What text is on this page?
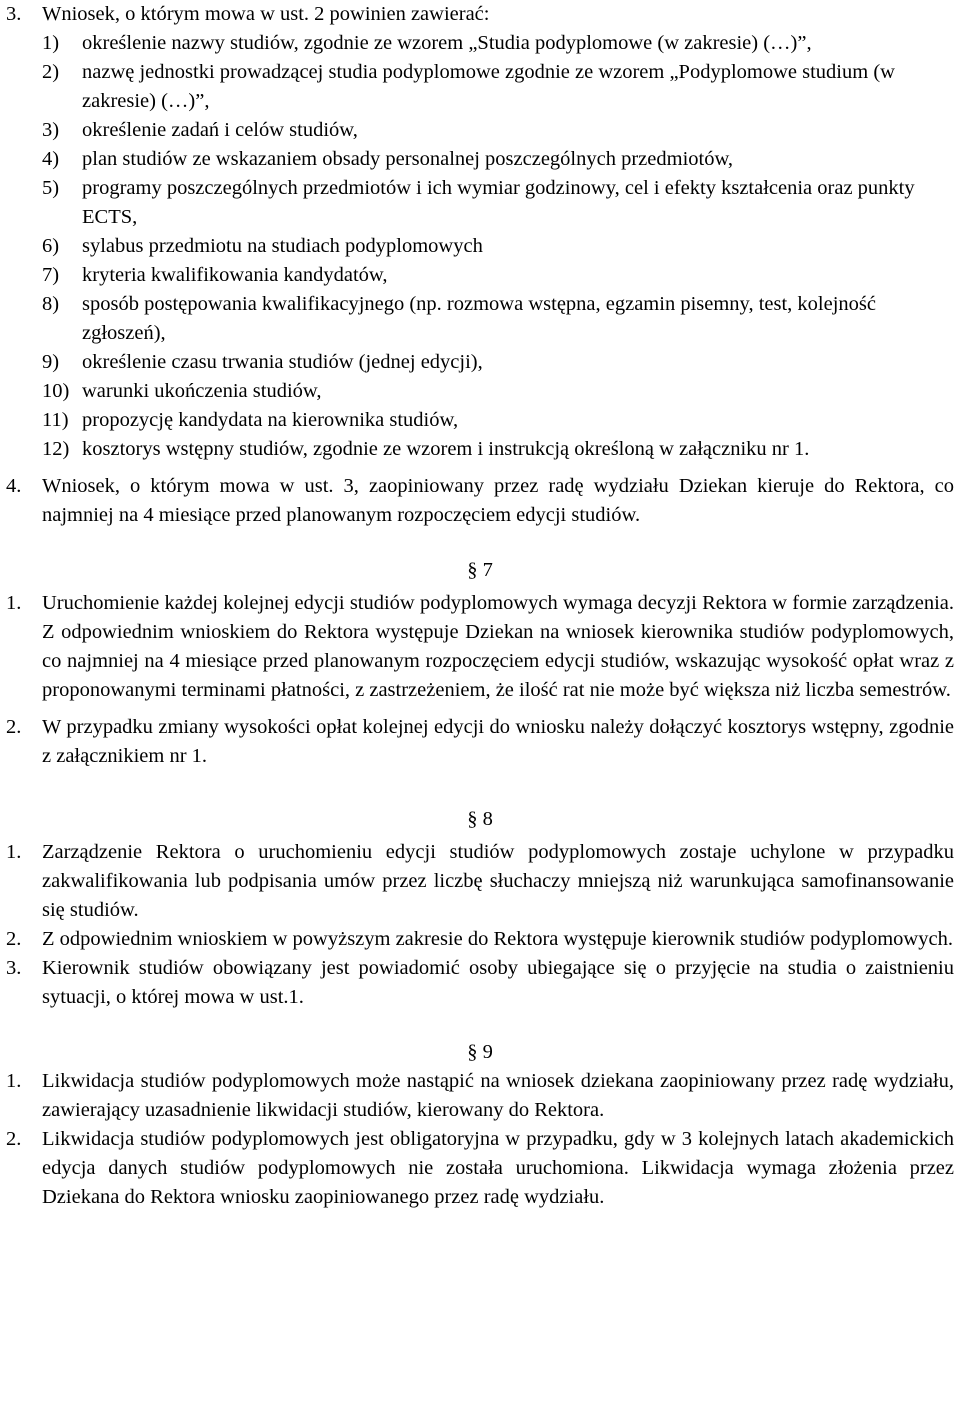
3. Wniosek, o którym mowa w ust. 2 powinien zawierać:
1) określenie nazwy studiów, zgodnie ze wzorem „Studia podyplomowe (w zakresie) (…)”,
2) nazwę jednostki prowadzącej studia podyplomowe zgodnie ze wzorem „Podyplomowe studium (w zakresie) (…)”,
3) określenie zadań i celów studiów,
4) plan studiów ze wskazaniem obsady personalnej poszczególnych przedmiotów,
5) programy poszczególnych przedmiotów i ich wymiar godzinowy, cel i efekty kształcenia oraz punkty ECTS,
6) sylabus przedmiotu na studiach podyplomowych
7) kryteria kwalifikowania kandydatów,
8) sposób postępowania kwalifikacyjnego (np. rozmowa wstępna, egzamin pisemny, test, kolejność zgłoszeń),
9) określenie czasu trwania studiów (jednej edycji),
10) warunki ukończenia studiów,
11) propozycję kandydata na kierownika studiów,
12) kosztorys wstępny studiów, zgodnie ze wzorem i instrukcją określoną w załączniku nr 1.
4. Wniosek, o którym mowa w ust. 3, zaopiniowany przez radę wydziału Dziekan kieruje do Rektora, co najmniej na 4 miesiące przed planowanym rozpoczęciem edycji studiów.
§ 7
1. Uruchomienie każdej kolejnej edycji studiów podyplomowych wymaga decyzji Rektora w formie zarządzenia. Z odpowiednim wnioskiem do Rektora występuje Dziekan na wniosek kierownika studiów podyplomowych, co najmniej na 4 miesiące przed planowanym rozpoczęciem edycji studiów, wskazując wysokość opłat wraz z proponowanymi terminami płatności, z zastrzeżeniem, że ilość rat nie może być większa niż liczba semestrów.
2. W przypadku zmiany wysokości opłat kolejnej edycji do wniosku należy dołączyć kosztorys wstępny, zgodnie z załącznikiem nr 1.
§ 8
1. Zarządzenie Rektora o uruchomieniu edycji studiów podyplomowych zostaje uchylone w przypadku zakwalifikowania lub podpisania umów przez liczbę słuchaczy mniejszą niż warunkująca samofinansowanie się studiów.
2. Z odpowiednim wnioskiem w powyższym zakresie do Rektora występuje kierownik studiów podyplomowych.
3. Kierownik studiów obowiązany jest powiadomić osoby ubiegające się o przyjęcie na studia o zaistnieniu sytuacji, o której mowa w ust.1.
§ 9
1. Likwidacja studiów podyplomowych może nastąpić na wniosek dziekana zaopiniowany przez radę wydziału, zawierający uzasadnienie likwidacji studiów, kierowany do Rektora.
2. Likwidacja studiów podyplomowych jest obligatoryjna w przypadku, gdy w 3 kolejnych latach akademickich edycja danych studiów podyplomowych nie została uruchomiona. Likwidacja wymaga złożenia przez Dziekana do Rektora wniosku zaopiniowanego przez radę wydziału.
